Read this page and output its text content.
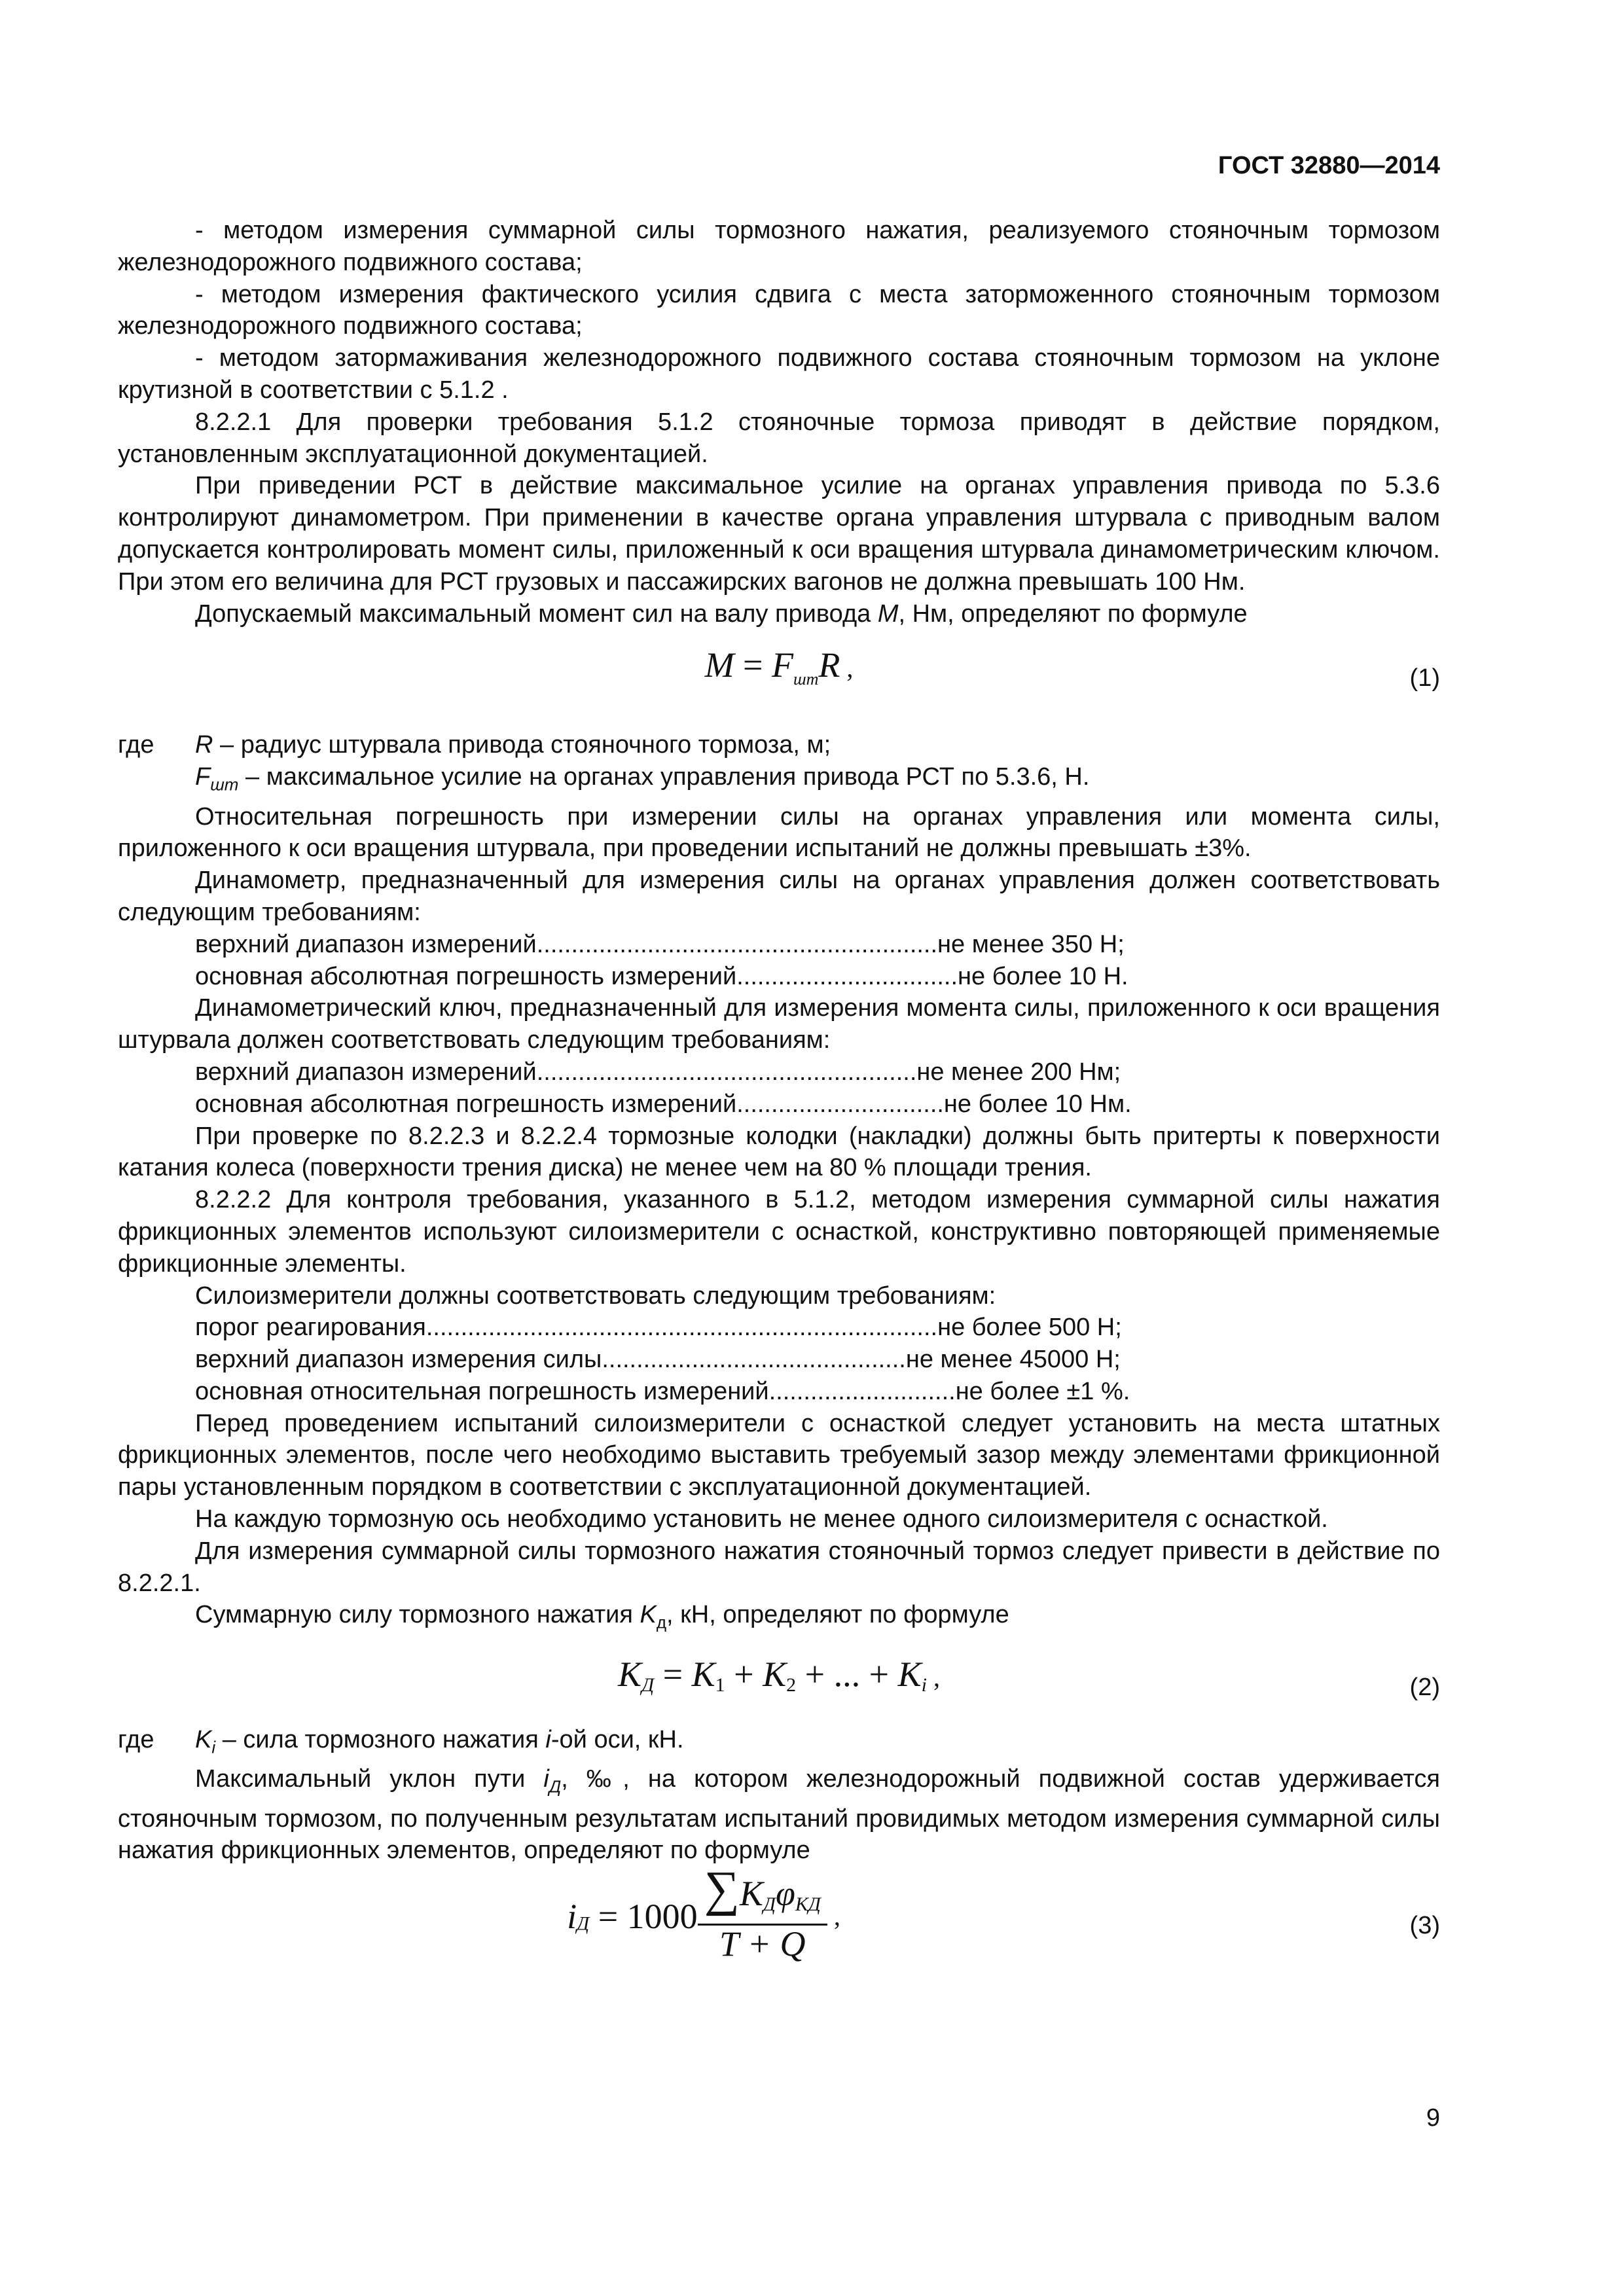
ГОСТ 32880—2014

- методом измерения суммарной силы тормозного нажатия, реализуемого стояночным тормозом железнодорожного подвижного состава;

- методом измерения фактического усилия сдвига с места заторможенного стояночным тормозом железнодорожного подвижного состава;

- методом затормаживания железнодорожного подвижного состава стояночным тормозом на уклоне крутизной в соответствии с 5.1.2 .

8.2.2.1 Для проверки требования 5.1.2 стояночные тормоза приводят в действие порядком, установленным эксплуатационной документацией.

При приведении РСТ в действие максимальное усилие на органах управления привода по 5.3.6 контролируют динамометром. При применении в качестве органа управления штурвала с приводным валом допускается контролировать момент силы, приложенный к оси вращения штурвала динамометрическим ключом. При этом его величина для РСТ грузовых и пассажирских вагонов не должна превышать 100 Нм.

Допускаемый максимальный момент сил на валу привода M, Нм, определяют по формуле

$M = F_{шт}R$ ,	(1)

где R – радиус штурвала привода стояночного тормоза, м;

$F_{шт}$ – максимальное усилие на органах управления привода РСТ по 5.3.6, Н.

Относительная погрешность при измерении силы на органах управления или момента силы, приложенного к оси вращения штурвала, при проведении испытаний не должны превышать ±3%.

Динамометр, предназначенный для измерения силы на органах управления должен соответствовать следующим требованиям:

верхний диапазон измерений..........................................................не менее 350 Н;

основная абсолютная погрешность измерений................................не более 10 Н.

Динамометрический ключ, предназначенный для измерения момента силы, приложенного к оси вращения штурвала должен соответствовать следующим требованиям:

верхний диапазон измерений.......................................................не менее 200 Нм;

основная абсолютная погрешность измерений..............................не более 10 Нм.

При проверке по 8.2.2.3 и 8.2.2.4 тормозные колодки (накладки) должны быть притерты к поверхности катания колеса (поверхности трения диска) не менее чем на 80 % площади трения.

8.2.2.2 Для контроля требования, указанного в 5.1.2, методом измерения суммарной силы нажатия фрикционных элементов используют силоизмерители с оснасткой, конструктивно повторяющей применяемые фрикционные элементы.

Силоизмерители должны соответствовать следующим требованиям:

порог реагирования..........................................................................не более 500 Н;

верхний диапазон измерения силы............................................не менее 45000 Н;

основная относительная погрешность измерений...........................не более ±1 %.

Перед проведением испытаний силоизмерители с оснасткой следует установить на места штатных фрикционных элементов, после чего необходимо выставить требуемый зазор между элементами фрикционной пары установленным порядком в соответствии с эксплуатационной документацией.

На каждую тормозную ось необходимо установить не менее одного силоизмерителя с оснасткой.

Для измерения суммарной силы тормозного нажатия стояночный тормоз следует привести в действие по 8.2.2.1.

Суммарную силу тормозного нажатия $K_д$, кН, определяют по формуле

KД = K1 + K2 + ... + Ki ,	(2)

где $K_i$ – сила тормозного нажатия i-ой оси, кН.

Максимальный уклон пути $i_Д$, ‰, на котором железнодорожный подвижной состав удерживается стояночным тормозом, по полученным результатам испытаний провидимых методом измерения суммарной силы нажатия фрикционных элементов, определяют по формуле

iД = $1000 \frac{\text{∑KДφКД}}{T + Q}$ ,	(3)
9
